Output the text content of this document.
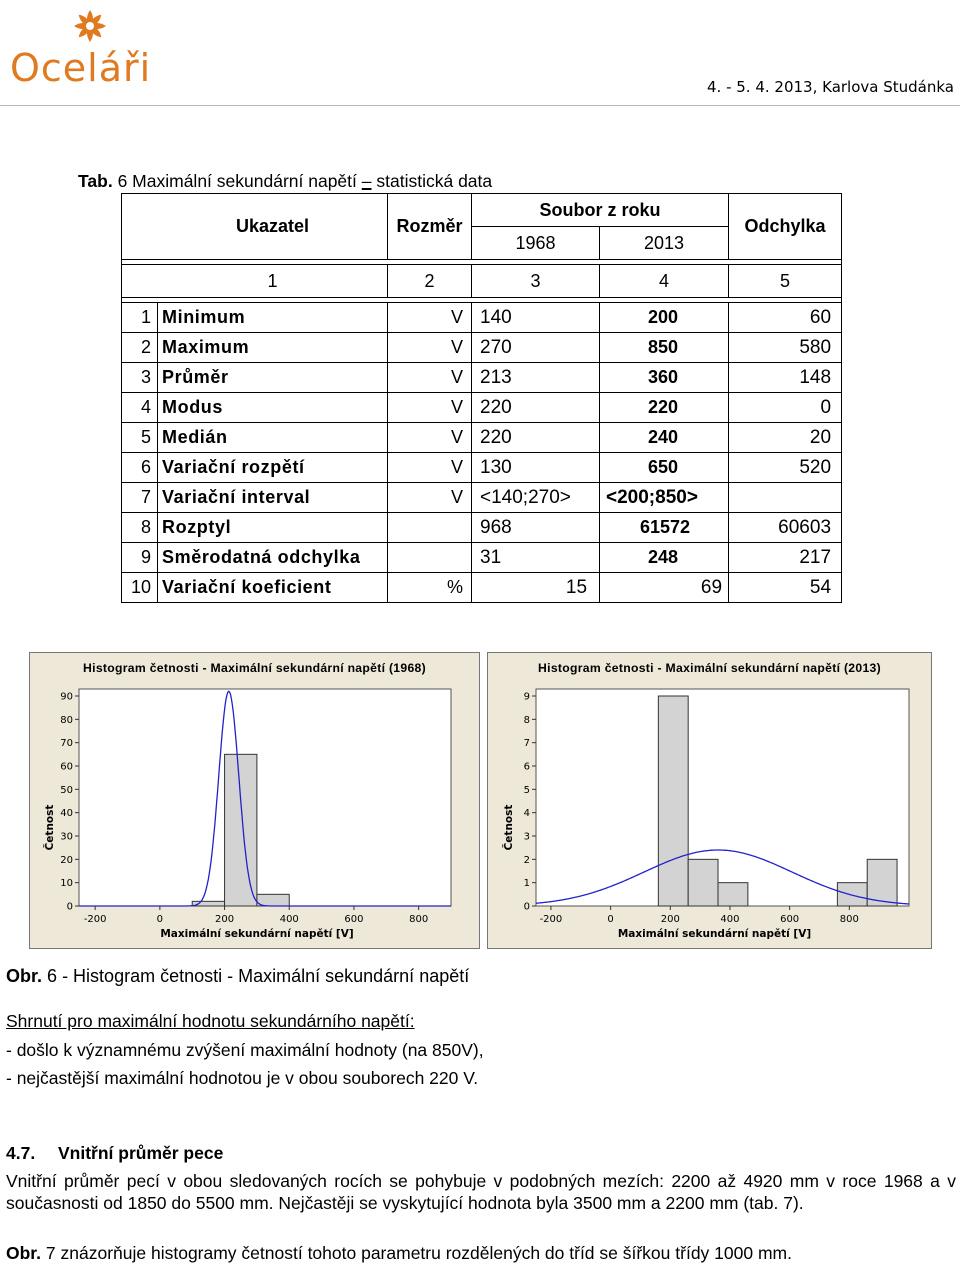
Oceláři	4. - 5. 4. 2013, Karlova Studánka
Tab. 6 Maximální sekundární napětí – statistická data
Ukazatel		Rozměr	Soubor z roku		Odchylka
			1968	2013	

1		2	3	4	5

1	Minimum	V	140	200	60
2	Maximum	V	270	850	580
3	Průměr	V	213	360	148
4	Modus	V	220	220	0
5	Medián	V	220	240	20
6	Variační rozpětí	V	130	650	520
7	Variační interval	V	<140;270>	<200;850>	
8	Rozptyl		968	61572	60603
9	Směrodatná odchylka		31	248	217
10	Variační koeficient	%	15	69	54
Histogram četnosti - Maximální sekundární napětí (1968)
-200	0	200	400	600	800
0
10
20
30
40
50
60
70
80
90
Maximální sekundární napětí [V]
Četnost
Histogram četnosti - Maximální sekundární napětí (2013)
-200	0	200	400	600	800
0
1
2
3
4
5
6
7
8
9
Maximální sekundární napětí [V]
Četnost
Obr. 6 - Histogram četnosti - Maximální sekundární napětí
Shrnutí pro maximální hodnotu sekundárního napětí:
- došlo k významnému zvýšení maximální hodnoty (na 850V),
- nejčastější maximální hodnotou je v obou souborech 220 V.
4.7. Vnitřní průměr pece
Vnitřní průměr pecí v obou sledovaných rocích se pohybuje v podobných mezích: 2200 až 4920 mm v roce 1968 a v současnosti od 1850 do 5500 mm. Nejčastěji se vyskytující hodnota byla 3500 mm a 2200 mm (tab. 7).
Obr. 7 znázorňuje histogramy četností tohoto parametru rozdělených do tříd se šířkou třídy 1000 mm.
